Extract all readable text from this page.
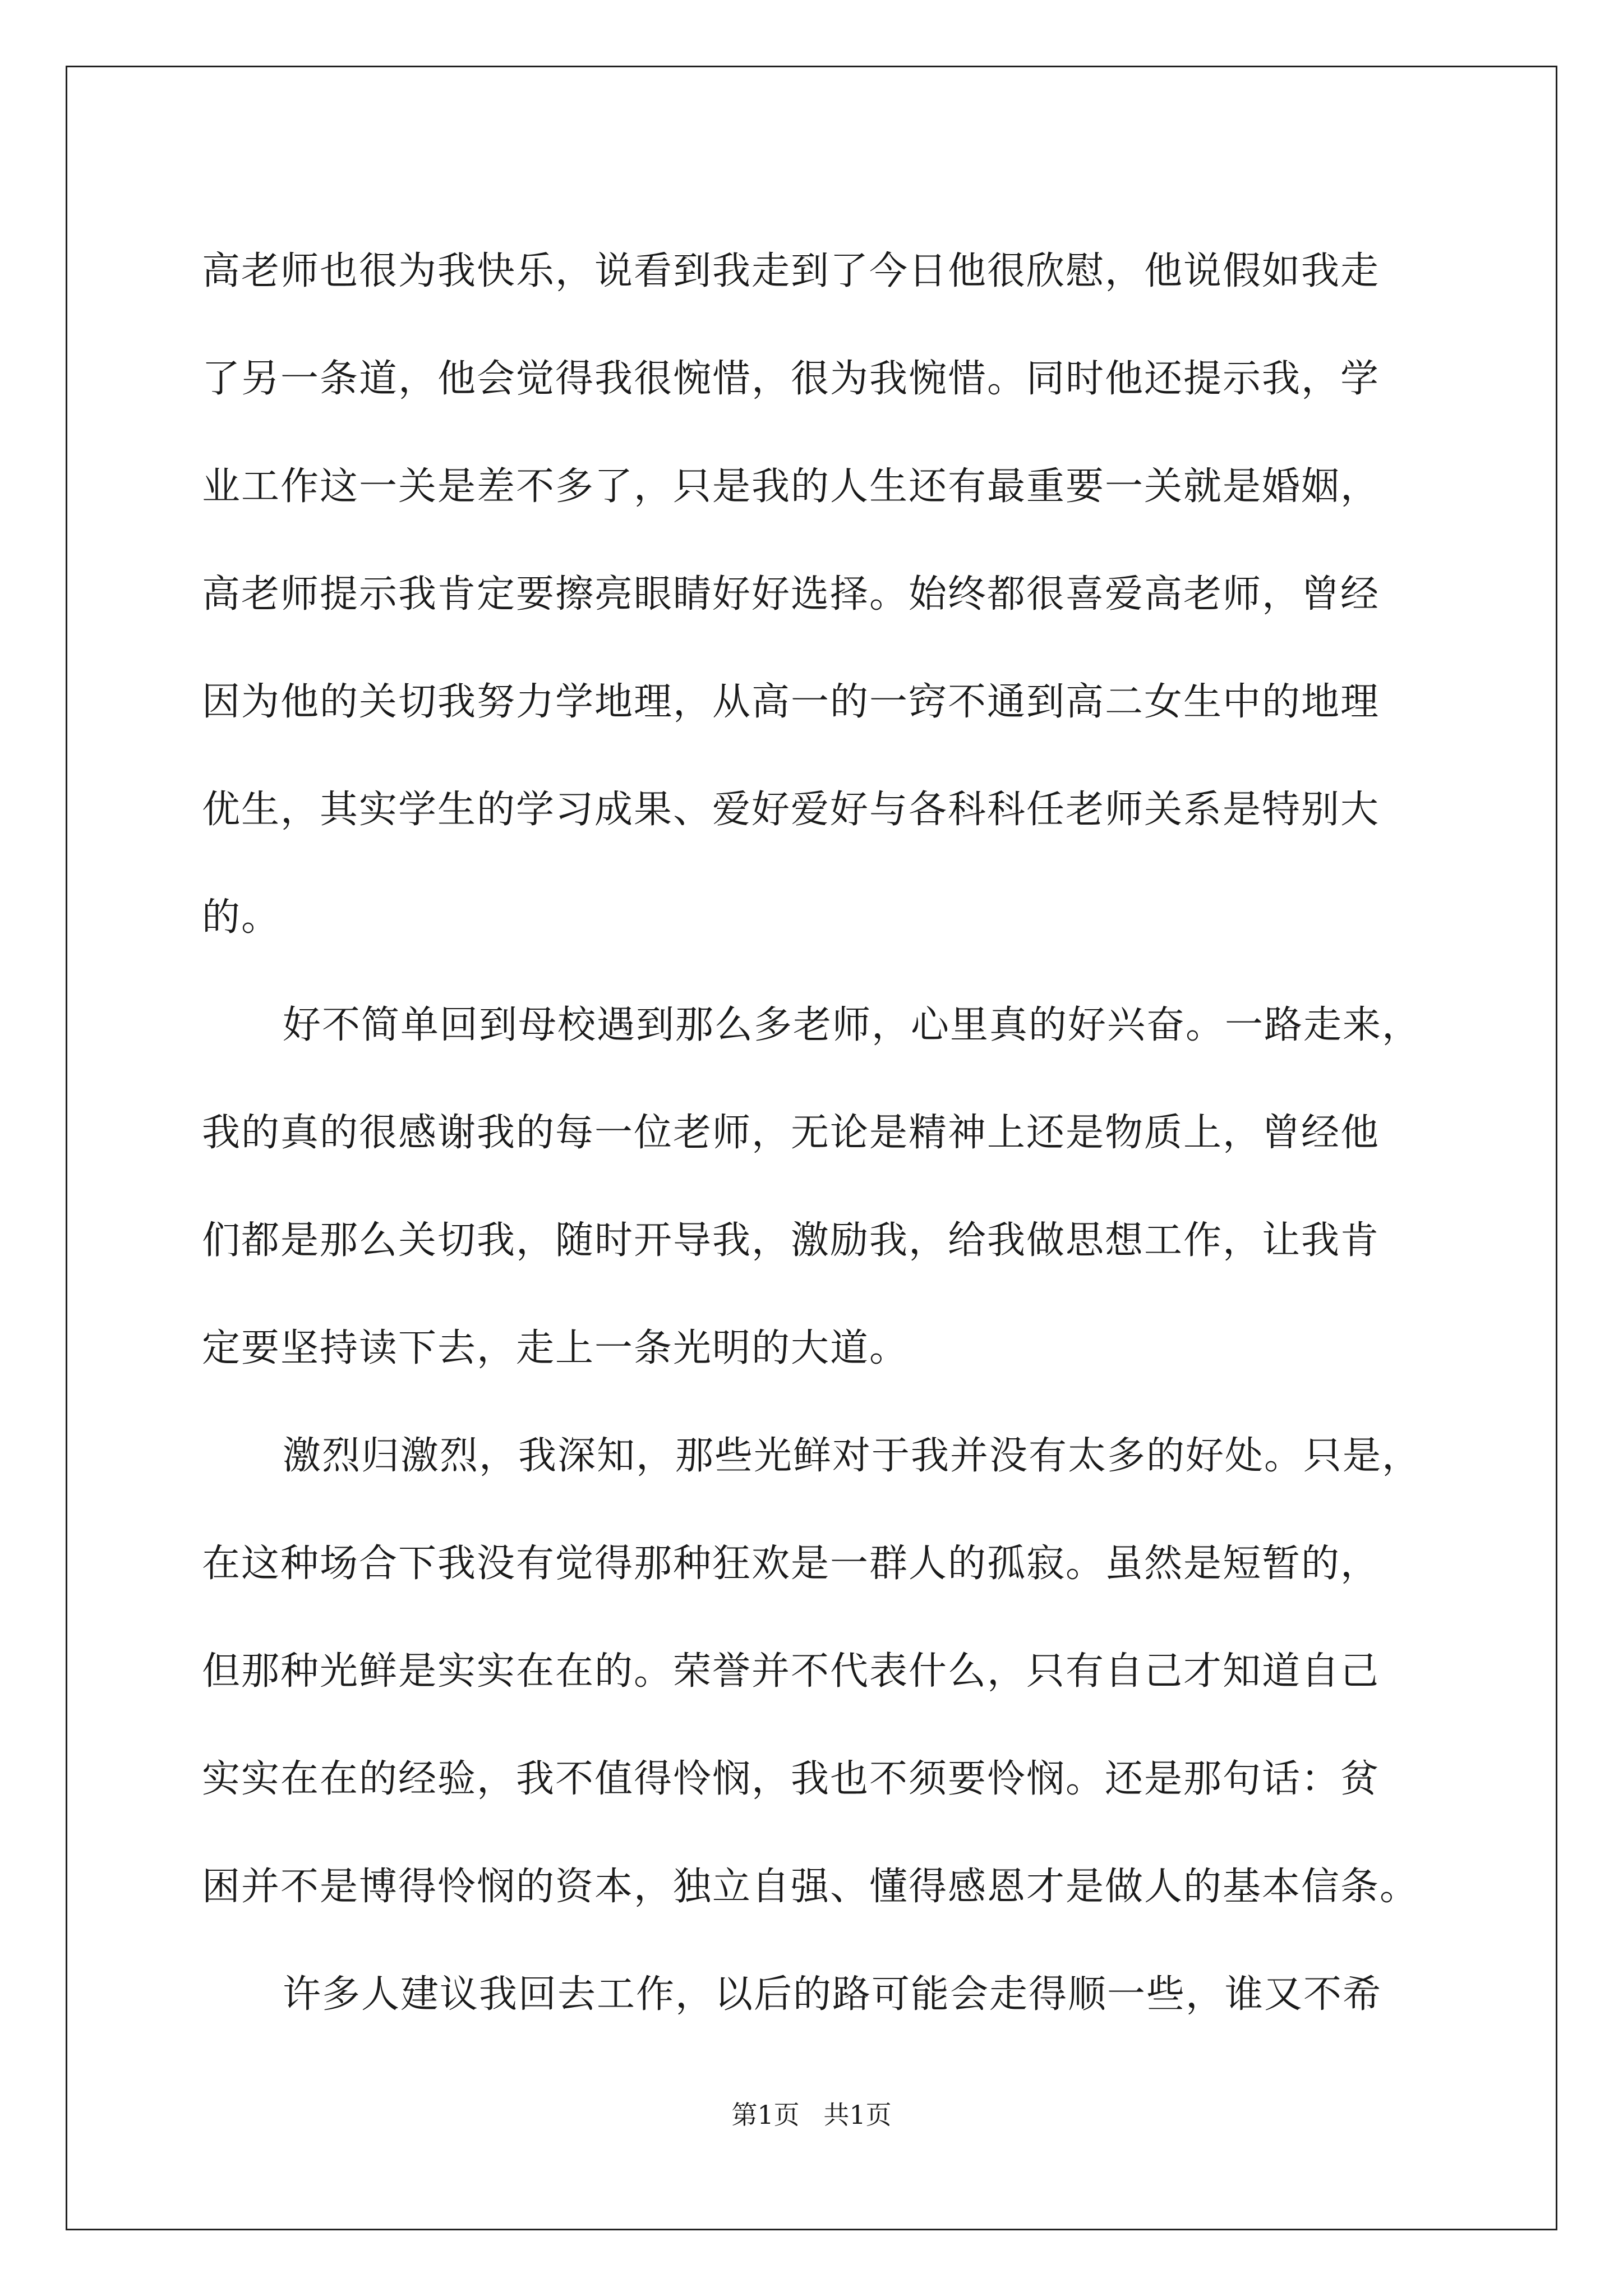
高老师也很为我快乐，说看到我走到了今日他很欣慰，他说假如我走
了另一条道，他会觉得我很惋惜，很为我惋惜。同时他还提示我，学
业工作这一关是差不多了，只是我的人生还有最重要一关就是婚姻，
高老师提示我肯定要擦亮眼睛好好选择。始终都很喜爱高老师，曾经
因为他的关切我努力学地理，从高一的一窍不通到高二女生中的地理
优生，其实学生的学习成果、爱好爱好与各科科任老师关系是特别大
的。
好不简单回到母校遇到那么多老师，心里真的好兴奋。一路走来，
我的真的很感谢我的每一位老师，无论是精神上还是物质上，曾经他
们都是那么关切我，随时开导我，激励我，给我做思想工作，让我肯
定要坚持读下去，走上一条光明的大道。
激烈归激烈，我深知，那些光鲜对于我并没有太多的好处。只是，
在这种场合下我没有觉得那种狂欢是一群人的孤寂。虽然是短暂的，
但那种光鲜是实实在在的。荣誉并不代表什么，只有自己才知道自己
实实在在的经验，我不值得怜悯，我也不须要怜悯。还是那句话：贫
困并不是博得怜悯的资本，独立自强、懂得感恩才是做人的基本信条。
许多人建议我回去工作，以后的路可能会走得顺一些，谁又不希
第1页 共1页
